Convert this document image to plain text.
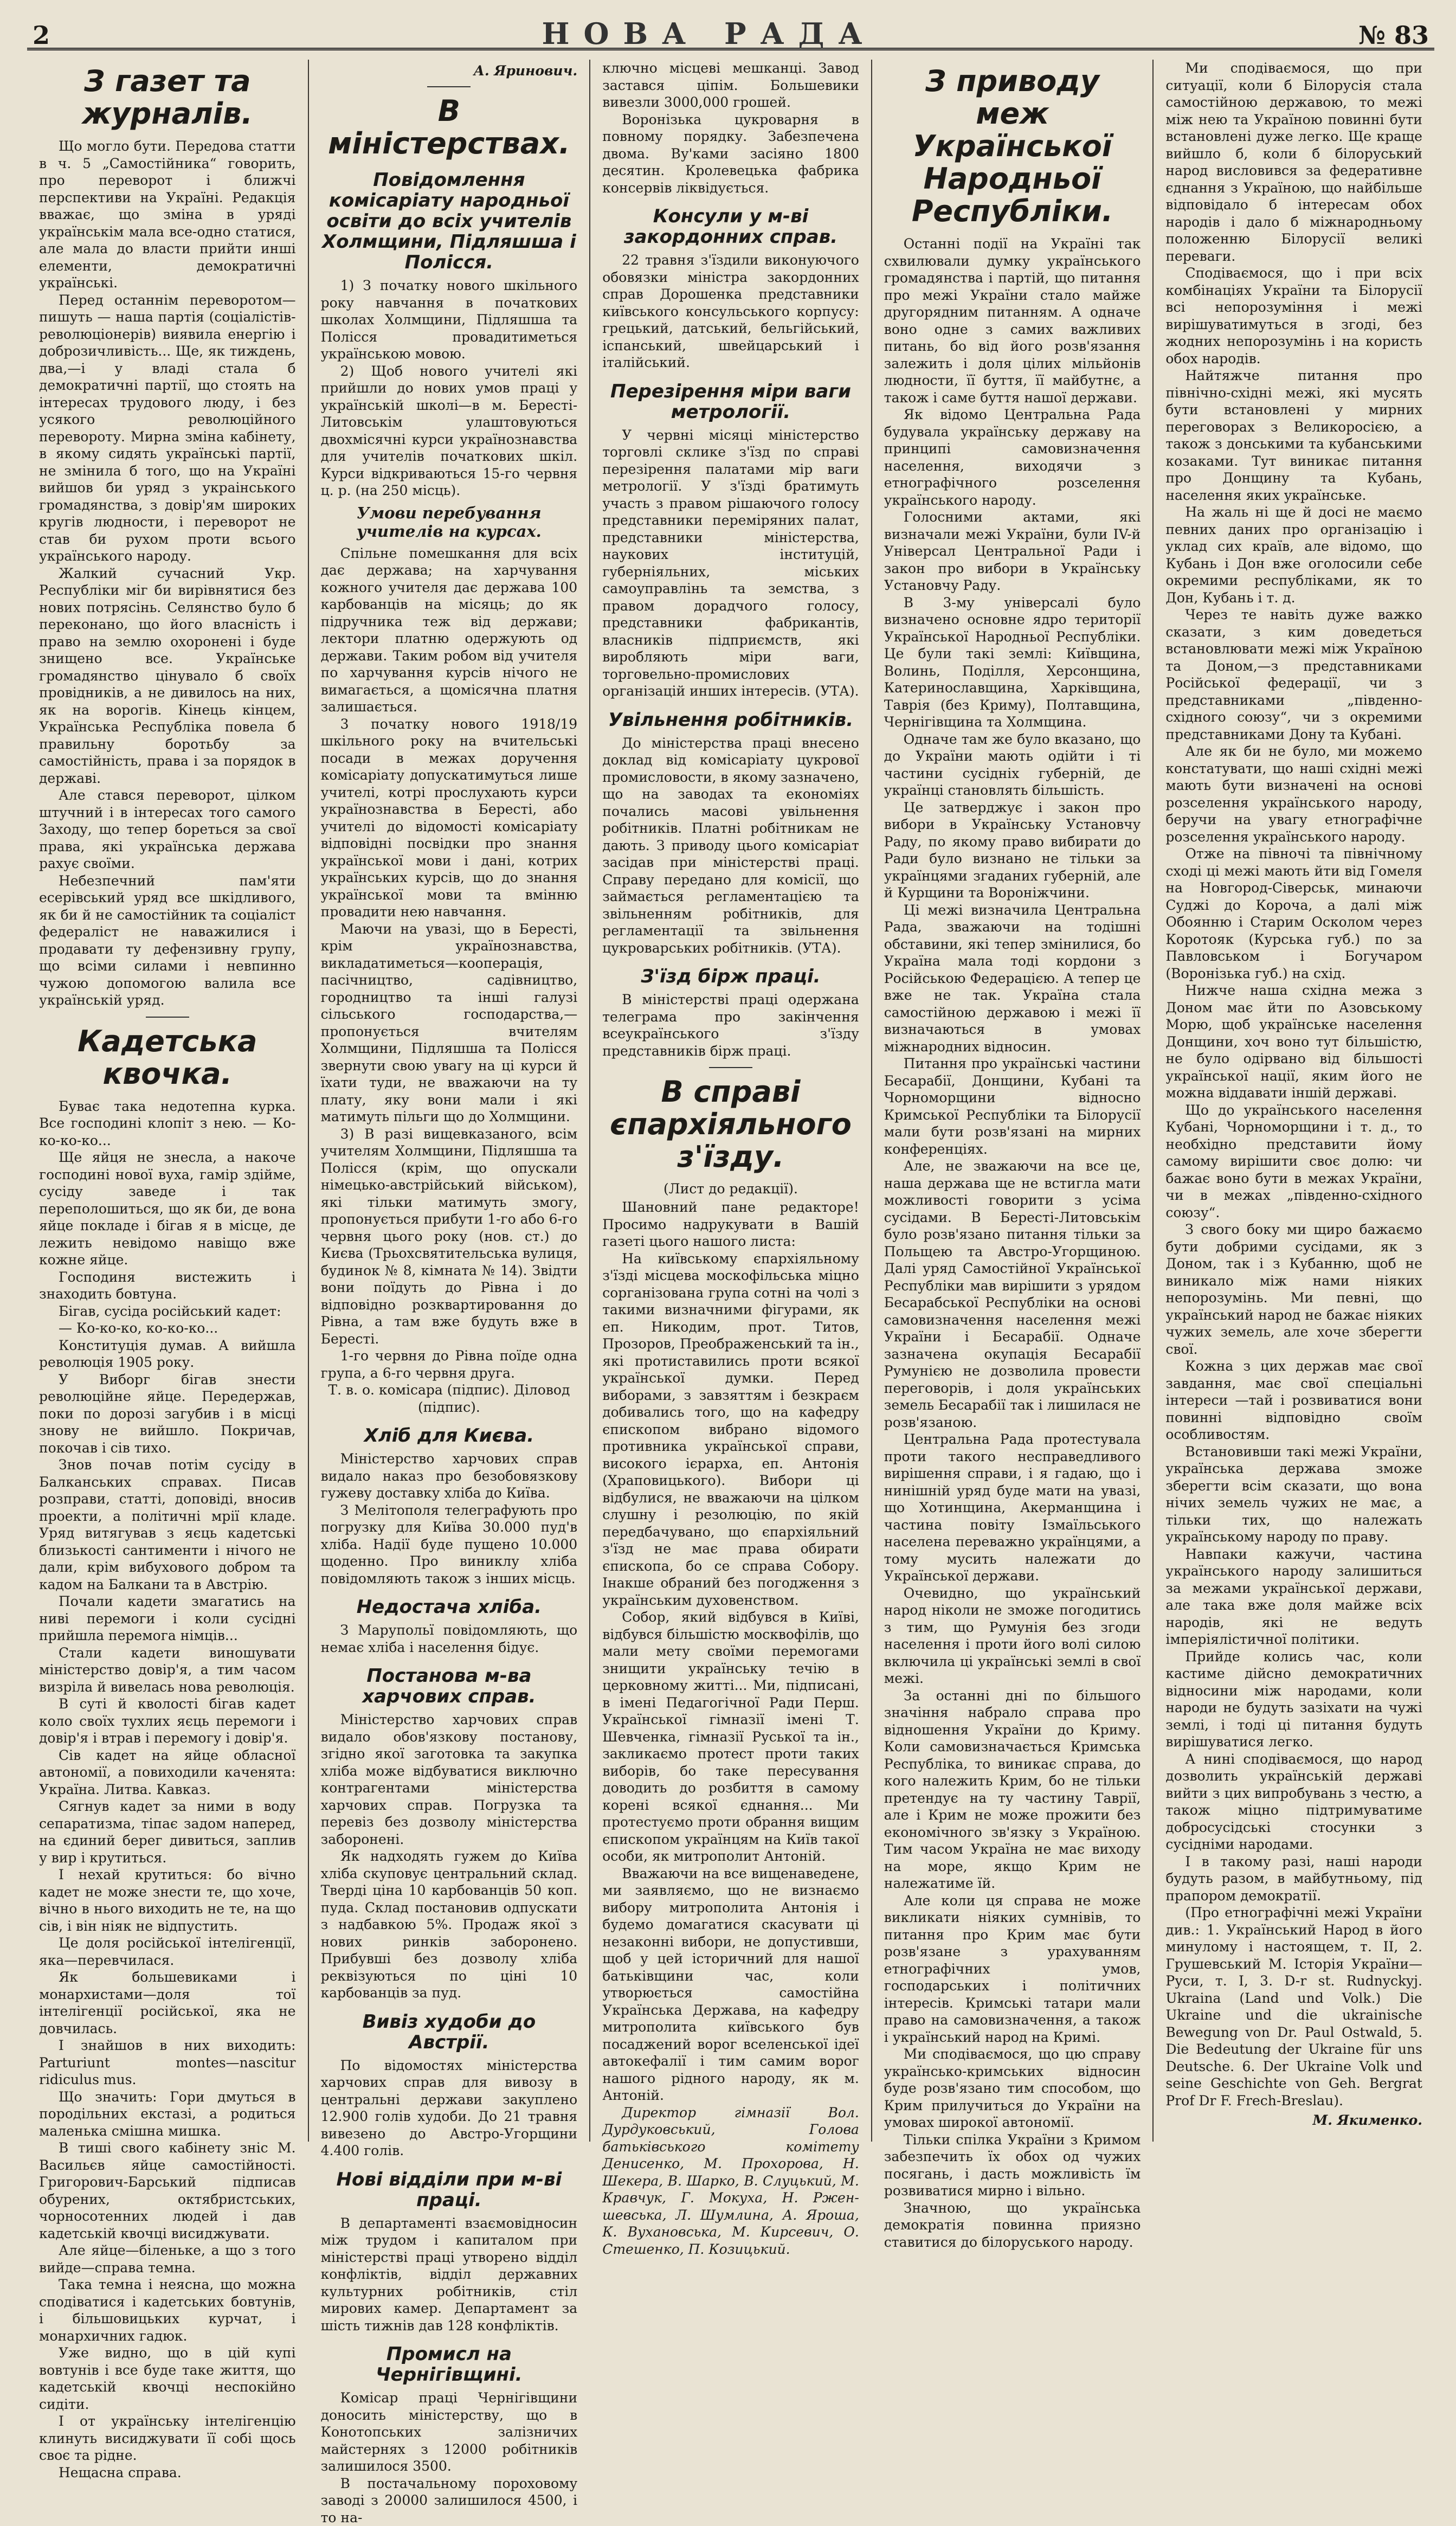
2	НОВА РАДА	№ 83
З газет та журналів.

Що могло бути. Передова статти в ч. 5 „Самостійника“ говорить, про переворот і ближчі перспективи на Україні. Редакція вважає, що зміна в уряді українськім мала все-одно статися, але мала до власти прийти инші елементи, демократичні українські.

Перед останнім переворотом—пишуть — наша партія (соціалістів-революціонерів) виявила енергію і доброзичливість... Ще, як тиждень, два,—і у владі стала б демократичні партії, що стоять на інтересах трудового люду, і без усякого революційного перевороту. Мирна зміна кабінету, в якому сидять українські партії, не змінила б того, що на Україні вийшов би уряд з украінського громадянства, з довір'ям широких кругів людности, і переворот не став би рухом проти всього українського народу.

Жалкий сучасний Укр. Республіки міг би вирівнятися без нових потрясінь. Селянство було б переконано, що його власність і право на землю охоронені і буде знищено все. Українське громадянство цінувало б своїх провідників, а не дивилось на них, як на ворогів. Кінець кінцем, Українська Республіка повела б правильну боротьбу за самостійність, права і за порядок в державі.

Але стався переворот, цілком штучний і в інтересах того самого Заходу, що тепер бореться за свої права, які українська держава рахує своїми.

Небезпечний пам'яти есерівський уряд все шкідливого, як би й не самостійник та соціаліст федераліст не наважилися і продавати ту дефензивну групу, що всіми силами і невпинно чужою допомогою валила все українській уряд.

Кадетська квочка.

Буває така недотепна курка. Все господині клопіт з нею. — Ко-ко-ко-ко...

Ще яйця не знесла, а накоче господині нової вуха, гамір здійме, сусіду заведе і так переполошиться, що як би, де вона яйце покладе і бігав я в місце, де лежить невідомо навіщо вже кожне яйце.

Господиня вистежить і знаходить бовтуна.

Бігав, сусіда російський кадет:

— Ко-ко-ко, ко-ко-ко...

Конституція думав. А вийшла революція 1905 року.

У Виборг бігав знести революційне яйце. Передержав, поки по дорозі загубив і в місці знову не вийшло. Покричав, покочав і сів тихо.

Знов почав потім сусіду в Балканських справах. Писав розправи, статті, доповіді, вносив проекти, а політичні мрії кладе. Уряд витягував з яєць кадетські близькості сантименти і нічого не дали, крім вибухового добром та кадом на Балкани та в Австрію.

Почали кадети змагатись на ниві перемоги і коли сусідні прийшла перемога німців...

Стали кадети виношувати міністерство довір'я, а тим часом визріла й вивелась нова революція.

В суті й кволості бігав кадет коло своїх тухлих яєць перемоги і довір'я і втрав і перемогу і довір'я.

Сів кадет на яйце обласної автономії, а повиходили каченята: Україна. Литва. Кавказ.

Сягнув кадет за ними в воду сепаратизма, тіпає задом наперед, на єдиний берег дивиться, заплив у вир і крутиться.

І нехай крутиться: бо вічно кадет не може знести те, що хоче, вічно в нього виходить не те, на що сів, і він ніяк не відпустить.

Це доля російської інтелігенції, яка—перевчилася.

Як большевиками і монархистами—доля тої інтелігенції російської, яка не довчилась.

І знайшов в них виходить: Parturiunt montes—nascitur ridiculus mus.

Що значить: Гори дмуться в породільних екстазі, а родиться маленька смішна мишка.

В тиші свого кабінету зніс М. Васильєв яйце самостійності. Григорович-Барський підписав обурених, октябристських, чорносотенних людей і дав кадетській квочці висиджувати.

Але яйце—біленьке, а що з того вийде—справа темна.

Така темна і неясна, що можна сподіватися і кадетських бовтунів, і більшовицьких курчат, і монархичних гадюк.

Уже видно, що в цій купі вовтунів і все буде таке життя, що кадетській квочці неспокійно сидіти.

І от українську інтелігенцію клинуть висиджувати її собі щось своє та рідне.

Нещасна справа.

А. Яринович.
В міністерствах.
Повідомлення комісаріату народньої освіти до всіх учителів Холмщини, Підляшша і Полісся.

1) З початку нового шкільного року навчання в початкових школах Холмщини, Підляшша та Полісся провадитиметься українською мовою.

2) Щоб нового учителі які прийшли до нових умов праці у українській школі—в м. Бересті-Литовськім улаштовуються двохмісячні курси українознавства для учителів початкових шкіл. Курси відкриваються 15-го червня ц. р. (на 250 місць).

Умови перебування учителів на курсах.

Спільне помешкання для всіх дає держава; на харчування кожного учителя дає держава 100 карбованців на місяць; до як підручника теж від держави; лектори платню одержують од держави. Таким робом від учителя по харчування курсів нічого не вимагається, а щомісячна платня залишається.

3 початку нового 1918/19 шкільного року на вчительські посади в межах доручення комісаріату допускатимуться лише учителі, котрі прослухають курси українознавства в Бересті, або учителі до відомості комісаріату відповідні посвідки про знання української мови і дані, котрих українських курсів, що до знання української мови та вмінню провадити нею навчання.

Маючи на увазі, що в Бересті, крім українознавства, викладатиметься—кооперація, пасічництво, садівництво, городництво та інші галузі сільського господарства,—пропонується вчителям Холмщини, Підляшша та Полісся звернути свою увагу на ці курси й їхати туди, не вважаючи на ту плату, яку вони мали і які матимуть пільги що до Холмщини.

3) В разі вищевказаного, всім учителям Холмщини, Підляшша та Полісся (крім, що опускали німецько-австрійський військом), які тільки матимуть змогу, пропонується прибути 1-го або 6-го червня цього року (нов. ст.) до Києва (Трьохсвятительська вулиця, будинок № 8, кімната № 14). Звідти вони поїдуть до Рівна і до відповідно розквартировання до Рівна, а там вже будуть вже в Бересті.

1-го червня до Рівна поїде одна група, а 6-го червня друга.

Т. в. о. комісара (підпис). Діловод (підпис).

Хліб для Києва.

Міністерство харчових справ видало наказ про безобовязкову гужеву доставку хліба до Київа.

З Мелітополя телеграфують про погрузку для Київа 30.000 пуд'в хліба. Надії буде пущено 10.000 щоденно. Про виниклу хліба повідомляють також з інших місць.

Недостача хліба.

З Марупольї повідомляють, що немає хліба і населення бідує.

Постанова м-ва харчових справ.

Міністерство харчових справ видало обов'язкову постанову, згідно якої заготовка та закупка хліба може відбуватися виключно контрагентами міністерства харчових справ. Погрузка та перевіз без дозволу міністерства заборонені.

Як надходять гужем до Київа хліба скуповує центральний склад. Твердi ціна 10 карбованців 50 коп. пуда. Склад постановив одпускати з надбавкою 5%. Продаж якої з нових ринків заборонено. Прибувші без дозволу хліба реквізуються по ціні 10 карбованців за пуд.

Вивіз худоби до Австрії.

По відомостях міністерства харчових справ для вивозу в центральні держави закуплено 12.900 голів худоби. До 21 травня вивезено до Австро-Угорщини 4.400 голів.

Нові відділи при м-ві праці.

В департаменті взаємовідносин між трудом і капиталом при міністерстві праці утворено відділ конфліктів, відділ державних культурних робітників, стіл мирових камер. Департамент за шість тижнів дав 128 конфліктів.

Промисл на Чернігівщині.

Комісар праці Чернігівщини доносить міністерству, що в Конотопських залізничих майстернях з 12000 робітників залишилося 3500.

В постачальному пороховому заводі з 20000 залишилося 4500, і то на-

ключно місцеві мешканці. Завод застався ціпім. Большевики вивезли 3000,000 грошей.

Воронізька цукроварня в повному порядку. Забезпечена двома. Ву'ками засіяно 1800 десятин. Кролевецька фабрика консервів ліквідується.

Консули у м-ві закордонних справ.

22 травня з'їздили виконуючого обовязки міністра закордонних справ Дорошенка представники київського консульського корпусу: грецький, датський, бельгійський, іспанський, швейцарський і італійський.

Перезірення міри ваги метрології.

У червні місяці міністерство торговлі склике з'їзд по справі перезірення палатами мір ваги метрології. У з'їзді братимуть участь з правом рішаючого голосу представники переміряних палат, представники міністерства, наукових інституцій, губерніяльних, міських самоуправлінь та земства, з правом дорадчого голосу, представники фабрикантів, власників підприємств, які виробляють міри ваги, торговельно-промислових організацій инших інтересів. (УТА).

Увільнення робітників.

До міністерства праці внесено доклад від комісаріату цукрової промисловости, в якому зазначено, що на заводах та економіях почались масові увільнення робітників. Платні робітникам не дають. З приводу цього комісаріат засідав при міністерстві праці. Справу передано для комісії, що займається регламентацією та звільненням робітників, для регламентації та звільнення цукроварських робітників. (УТА).

З'їзд бірж праці.

В міністерстві праці одержана телеграма про закінчення всеукраїнського з'їзду представників бірж праці.

В справі єпархіяльного з'їзду.
(Лист до редакції).

Шановний пане редакторе! Просимо надрукувати в Вашій газеті цього нашого листа:

На київському єпархіяльному з'їзді місцева москофільська міцно сорганізована група сотні на чолі з такими визначними фігурами, як еп. Никодим, прот. Титов, Прозоров, Преображенський та ін., які протиставились проти всякої української думки. Перед виборами, з завзяттям і безкраєм добивались того, що на кафедру єпископом вибрано відомого противника української справи, високого ієрарха, еп. Антонія (Храповицького). Вибори ці відбулися, не вважаючи на цілком слушну і резолюцію, по якій передбачувано, що єпархіяльний з'їзд не має права обирати єпископа, бо се справа Собору. Інакше обраний без погодження з українським духовенством.

Собор, який відбувся в Київі, відбувся більшістю москвофілів, що мали мету своїми перемогами знищити українську течію в церковному житті... Ми, підписані, в імені Педагогічної Ради Перш. Української гімназії імені Т. Шевченка, гімназії Руської та ін., закликаємо протест проти таких виборів, бо таке пересування доводить до розбиття в самому корені всякої єднання... Ми протестуємо проти обрання вищим єпископом українцям на Київ такої особи, як митрополит Антоній.

Вважаючи на все вищенаведене, ми заявляємо, що не визнаємо вибору митрополита Антонія і будемо домагатися скасувати ці незаконні вибори, не допустивши, щоб у цей історичний для нашої батьківщини час, коли утворюється самостійна Українська Держава, на кафедру митрополита київського був посаджений ворог вселенської ідеї автокефалії і тим самим ворог нашого рідного народу, як м. Антоній.

Директор гімназії Вол. Дурдуковський, Голова батьківського комітету Денисенко, М. Прохорова, Н. Шекера, В. Шарко, В. Слуцький, М. Кравчук, Г. Мокуха, Н. Ржен-шевська, Л. Шумлина, А. Яроша, К. Вухановська, М. Кирсевич, О. Стешенко, П. Козицький.

З приводу меж Української Народньої Республіки.

Останні події на Україні так схвилювали думку українського громадянства і партій, що питання про межі України стало майже другорядним питанням. А одначе воно одне з самих важливих питань, бо від його розв'язання залежить і доля цілих мільйонів людности, її буття, її майбутнє, а також і саме буття нашої держави.

Як відомо Центральна Рада будувала українську державу на принципі самовизначення населення, виходячи з етнографічного розселення українського народу.

Голосними актами, які визначали межі України, були IV-й Універсал Центральної Ради і закон про вибори в Українську Установчу Раду.

В 3-му універсалі було визначено основне ядро території Української Народньої Республіки. Це були такі землі: Київщина, Волинь, Поділля, Херсонщина, Катеринославщина, Харківщина, Таврія (без Криму), Полтавщина, Чернігівщина та Холмщина.

Одначе там же було вказано, що до України мають одійти і ті частини сусідніх губерній, де українці становлять більшість.

Це затверджує і закон про вибори в Українську Установчу Раду, по якому право вибирати до Ради було визнано не тільки за українцями згаданих губерній, але й Курщини та Вороніжчини.

Ці межі визначила Центральна Рада, зважаючи на тодішні обставини, які тепер змінилися, бо Україна мала тоді кордони з Російською Федерацією. А тепер це вже не так. Україна стала самостійною державою і межі її визначаються в умовах міжнародних відносин.

Питання про українські частини Бесарабії, Донщини, Кубані та Чорноморщини відносно Кримської Республіки та Білорусії мали бути розв'язані на мирних конференціях.

Але, не зважаючи на все це, наша держава ще не встигла мати можливості говорити з усіма сусідами. В Бересті-Литовськім було розв'язано питання тільки за Польщею та Австро-Угорщиною. Далі уряд Самостійної Української Республіки мав вирішити з урядом Бесарабської Республіки на основі самовизначення населення межі України і Бесарабії. Одначе зазначена окупація Бесарабії Румунією не дозволила провести переговорів, і доля українських земель Бесарабії так і лишилася не розв'язаною.

Центральна Рада протестувала проти такого несправедливого вирішення справи, і я гадаю, що і нинішній уряд буде мати на увазі, що Хотинщина, Акерманщина і частина повіту Ізмаїльського населена переважно українцями, а тому мусить належати до Української держави.

Очевидно, що український народ ніколи не зможе погодитись з тим, що Румунія без згоди населення і проти його волі силою включила ці українські землі в свої межі.

За останні дні по більшого значіння набрало справа про відношення України до Криму. Коли самовизначається Кримська Республіка, то виникає справа, до кого належить Крим, бо не тільки претендує на ту частину Таврії, але і Крим не може прожити без економічного зв'язку з Україною. Тим часом Україна не має виходу на море, якщо Крим не належатиме їй.

Але коли ця справа не може викликати ніяких сумнівів, то питання про Крим має бути розв'язане з урахуванням етнографічних умов, господарських і політичних інтересів. Кримські татари мали право на самовизначення, а також і український народ на Кримі.

Ми сподіваємося, що цю справу українсько-кримських відносин буде розв'язано тим способом, що Крим прилучиться до України на умовах широкої автономії.

Тільки спілка України з Кримом забезпечить їх обох од чужих посягань, і дасть можливість їм розвиватися мирно і вільно.

Значною, що українська демократія повинна приязно ставитися до білоруського народу.

Ми сподіваємося, що при ситуації, коли б Білорусія стала самостійною державою, то межі між нею та Україною повинні бути встановлені дуже легко. Ще краще вийшло б, коли б білоруський народ висловився за федеративне єднання з Україною, що найбільше відповідало б інтересам обох народів і дало б міжнародньому положенню Білорусії великі переваги.

Сподіваємося, що і при всіх комбінаціях України та Білорусії всі непорозуміння і межі вирішуватимуться в згоді, без жодних непорозумінь і на користь обох народів.

Найтяжче питання про північно-східні межі, які мусять бути встановлені у мирних переговорах з Великоросією, а також з донськими та кубанськими козаками. Тут виникає питання про Донщину та Кубань, населення яких українське.

На жаль ні ще й досі не маємо певних даних про організацію і уклад сих країв, але відомо, що Кубань і Дон вже оголосили себе окремими республіками, як то Дон, Кубань і т. д.

Через те навіть дуже важко сказати, з ким доведеться встановлювати межі між Україною та Доном,—з представниками Російської федерації, чи з представниками „південно-східного союзу“, чи з окремими представниками Дону та Кубані.

Але як би не було, ми можемо констатувати, що наші східні межі мають бути визначені на основі розселення українського народу, беручи на увагу етнографічне розселення українського народу.

Отже на півночі та північному сході ці межі мають йти від Гомеля на Новгород-Сіверськ, минаючи Суджі до Короча, а далі між Обоянню і Старим Осколом через Коротояк (Курська губ.) по за Павловськом і Богучаром (Воронізька губ.) на схід.

Нижче наша східна межа з Доном має йти по Азовському Морю, щоб українське населення Донщини, хоч воно тут більшістю, не було одірвано від більшості української нації, яким його не можна віддавати іншій державі.

Що до українського населення Кубані, Чорноморщини і т. д., то необхідно представити йому самому вирішити своє долю: чи бажає воно бути в межах України, чи в межах „південно-східного союзу“.

З свого боку ми щиро бажаємо бути добрими сусідами, як з Доном, так і з Кубанню, щоб не виникало між нами ніяких непорозумінь. Ми певні, що український народ не бажає ніяких чужих земель, але хоче зберегти свої.

Кожна з цих держав має свої завдання, має свої спеціальні інтереси —тай і розвиватися вони повинні відповідно своїм особливостям.

Встановивши такі межі України, українська держава зможе зберегти всім сказати, що вона нічих земель чужих не має, а тільки тих, що належать українському народу по праву.

Навпаки кажучи, частина українського народу залишиться за межами української держави, але така вже доля майже всіх народів, які не ведуть імперіялістичної політики.

Прийде колись час, коли кастиме дійсно демократичних відносини між народами, коли народи не будуть зазіхати на чужі землі, і тоді ці питання будуть вирішуватися легко.

А нині сподіваємося, що народ дозволить українській державі вийти з цих випробувань з честю, а також міцно підтримуватиме добросусідські стосунки з сусідніми народами.

І в такому разі, наші народи будуть разом, в майбутньому, під прапором демократії.

(Про етнографічні межі України див.: 1. Український Народ в його минулому і настоящем, т. II, 2. Грушевський М. Історія України—Руси, т. I, 3. D-r st. Rudnyckyj. Ukraina (Land und Volk.) Die Ukraine und die ukrainische Bewegung von Dr. Paul Ostwald, 5. Die Bedeutung der Ukraine für uns Deutsche. 6. Der Ukraine Volk und seine Geschichte von Geh. Bergrat Prof Dr F. Frech-Breslau).

М. Якименко.
